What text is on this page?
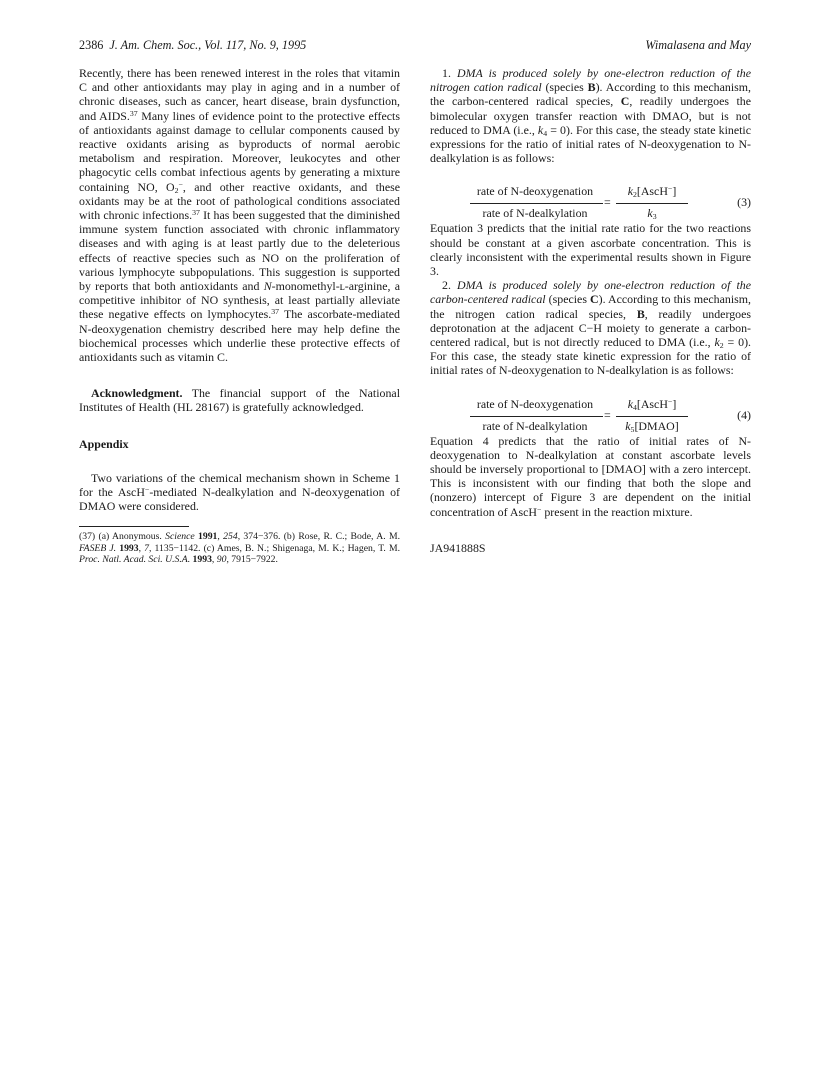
2386 J. Am. Chem. Soc., Vol. 117, No. 9, 1995	Wimalasena and May

Recently, there has been renewed interest in the roles that vitamin C and other antioxidants may play in aging and in a number of chronic diseases, such as cancer, heart disease, brain dysfunction, and AIDS.$^{37}$ Many lines of evidence point to the protective effects of antioxidants against damage to cellular components caused by reactive oxidants arising as byproducts of normal aerobic metabolism and respiration. Moreover, leukocytes and other phagocytic cells combat infectious agents by generating a mixture containing NO, $O_2^-$, and other reactive oxidants, and these oxidants may be at the root of pathological conditions associated with chronic infections.$^{37}$ It has been suggested that the diminished immune system function associated with chronic inflammatory diseases and with aging is at least partly due to the deleterious effects of reactive species such as NO on the proliferation of various lymphocyte subpopulations. This suggestion is supported by reports that both antioxidants and N-monomethyl-ʟ-arginine, a competitive inhibitor of NO synthesis, at least partially alleviate these negative effects on lymphocytes.$^{37}$ The ascorbate-mediated N-deoxygenation chemistry described here may help define the biochemical processes which underlie these protective effects of antioxidants such as vitamin C.

Acknowledgment. The financial support of the National Institutes of Health (HL 28167) is gratefully acknowledged.

Appendix

Two variations of the chemical mechanism shown in Scheme 1 for the AscH−-mediated N-dealkylation and N-deoxygenation of DMAO were considered.

(37) (a) Anonymous. Science 1991, 254, 374−376. (b) Rose, R. C.; Bode, A. M. FASEB J. 1993, 7, 1135−1142. (c) Ames, B. N.; Shigenaga, M. K.; Hagen, T. M. Proc. Natl. Acad. Sci. U.S.A. 1993, 90, 7915−7922.

1. DMA is produced solely by one-electron reduction of the nitrogen cation radical (species B). According to this mechanism, the carbon-centered radical species, C, readily undergoes the bimolecular oxygen transfer reaction with DMAO, but is not reduced to DMA (i.e., $k_4 = 0$). For this case, the steady state kinetic expressions for the ratio of initial rates of N-deoxygenation to N-dealkylation is as follows:

rate of N-deoxygenation
rate of N-dealkylation
=
$k_2[AscH^-]$
$k_3$
(3)

Equation 3 predicts that the initial rate ratio for the two reactions should be constant at a given ascorbate concentration. This is clearly inconsistent with the experimental results shown in Figure 3.

2. DMA is produced solely by one-electron reduction of the carbon-centered radical (species C). According to this mechanism, the nitrogen cation radical species, B, readily undergoes deprotonation at the adjacent C−H moiety to generate a carbon-centered radical, but is not directly reduced to DMA (i.e., $k_2 = 0$). For this case, the steady state kinetic expression for the ratio of initial rates of N-deoxygenation to N-dealkylation is as follows:

rate of N-deoxygenation
rate of N-dealkylation
=
$k_4[AscH^-]$
$k_5[DMAO]$
(4)

Equation 4 predicts that the ratio of initial rates of N-deoxygenation to N-dealkylation at constant ascorbate levels should be inversely proportional to [DMAO] with a zero intercept. This is inconsistent with our finding that both the slope and (nonzero) intercept of Figure 3 are dependent on the initial concentration of AscH− present in the reaction mixture.

JA941888S
